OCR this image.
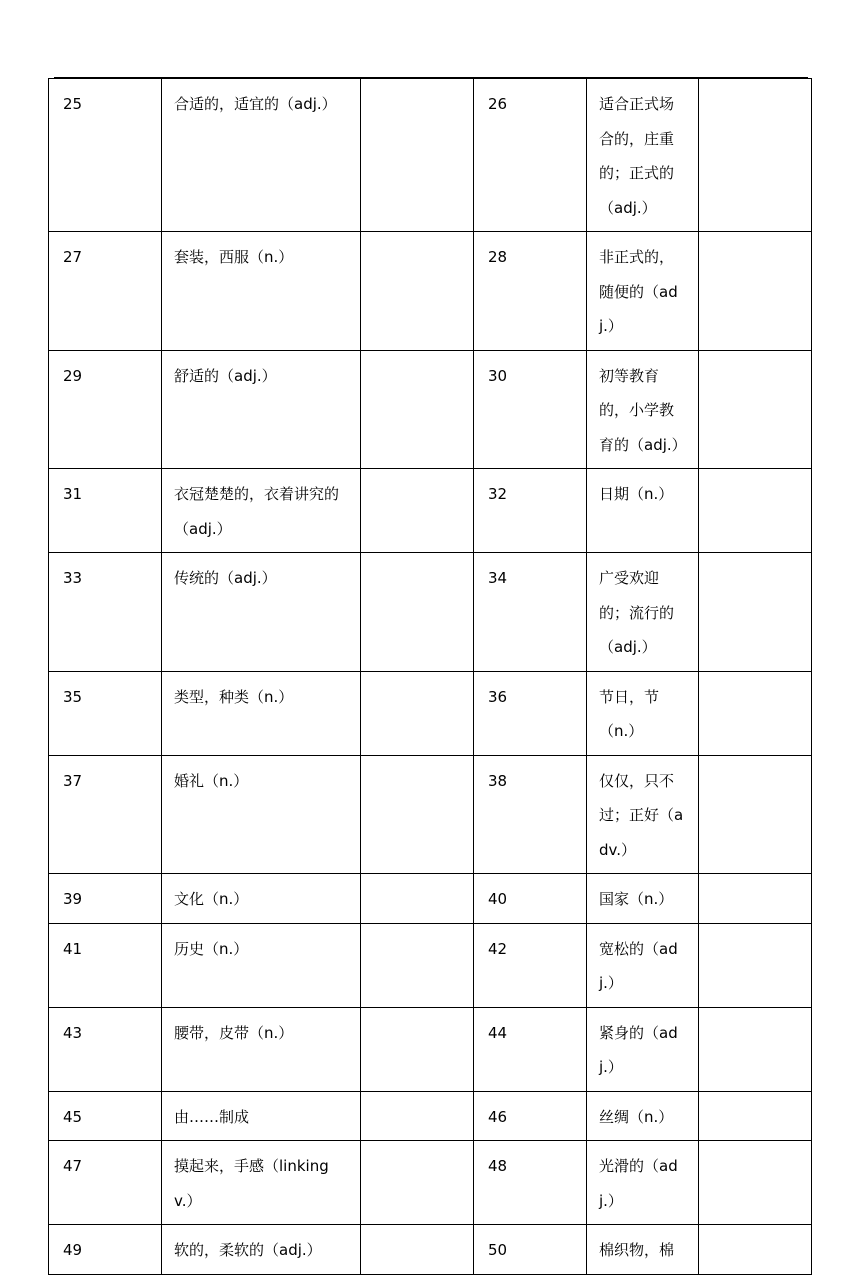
25	合适的，适宜的（adj.）		26	适合正式场合的，庄重的；正式的（adj.）	
27	套装，西服（n.）		28	非正式的，随便的（adj.）	
29	舒适的（adj.）		30	初等教育的，小学教育的（adj.）	
31	衣冠楚楚的，衣着讲究的（adj.）		32	日期（n.）	
33	传统的（adj.）		34	广受欢迎的；流行的（adj.）	
35	类型，种类（n.）		36	节日，节（n.）	
37	婚礼（n.）		38	仅仅，只不过；正好（adv.）	
39	文化（n.）		40	国家（n.）	
41	历史（n.）		42	宽松的（adj.）	
43	腰带，皮带（n.）		44	紧身的（adj.）	
45	由……制成		46	丝绸（n.）	
47	摸起来，手感（linking v.）		48	光滑的（adj.）	
49	软的，柔软的（adj.）		50	棉织物，棉	
